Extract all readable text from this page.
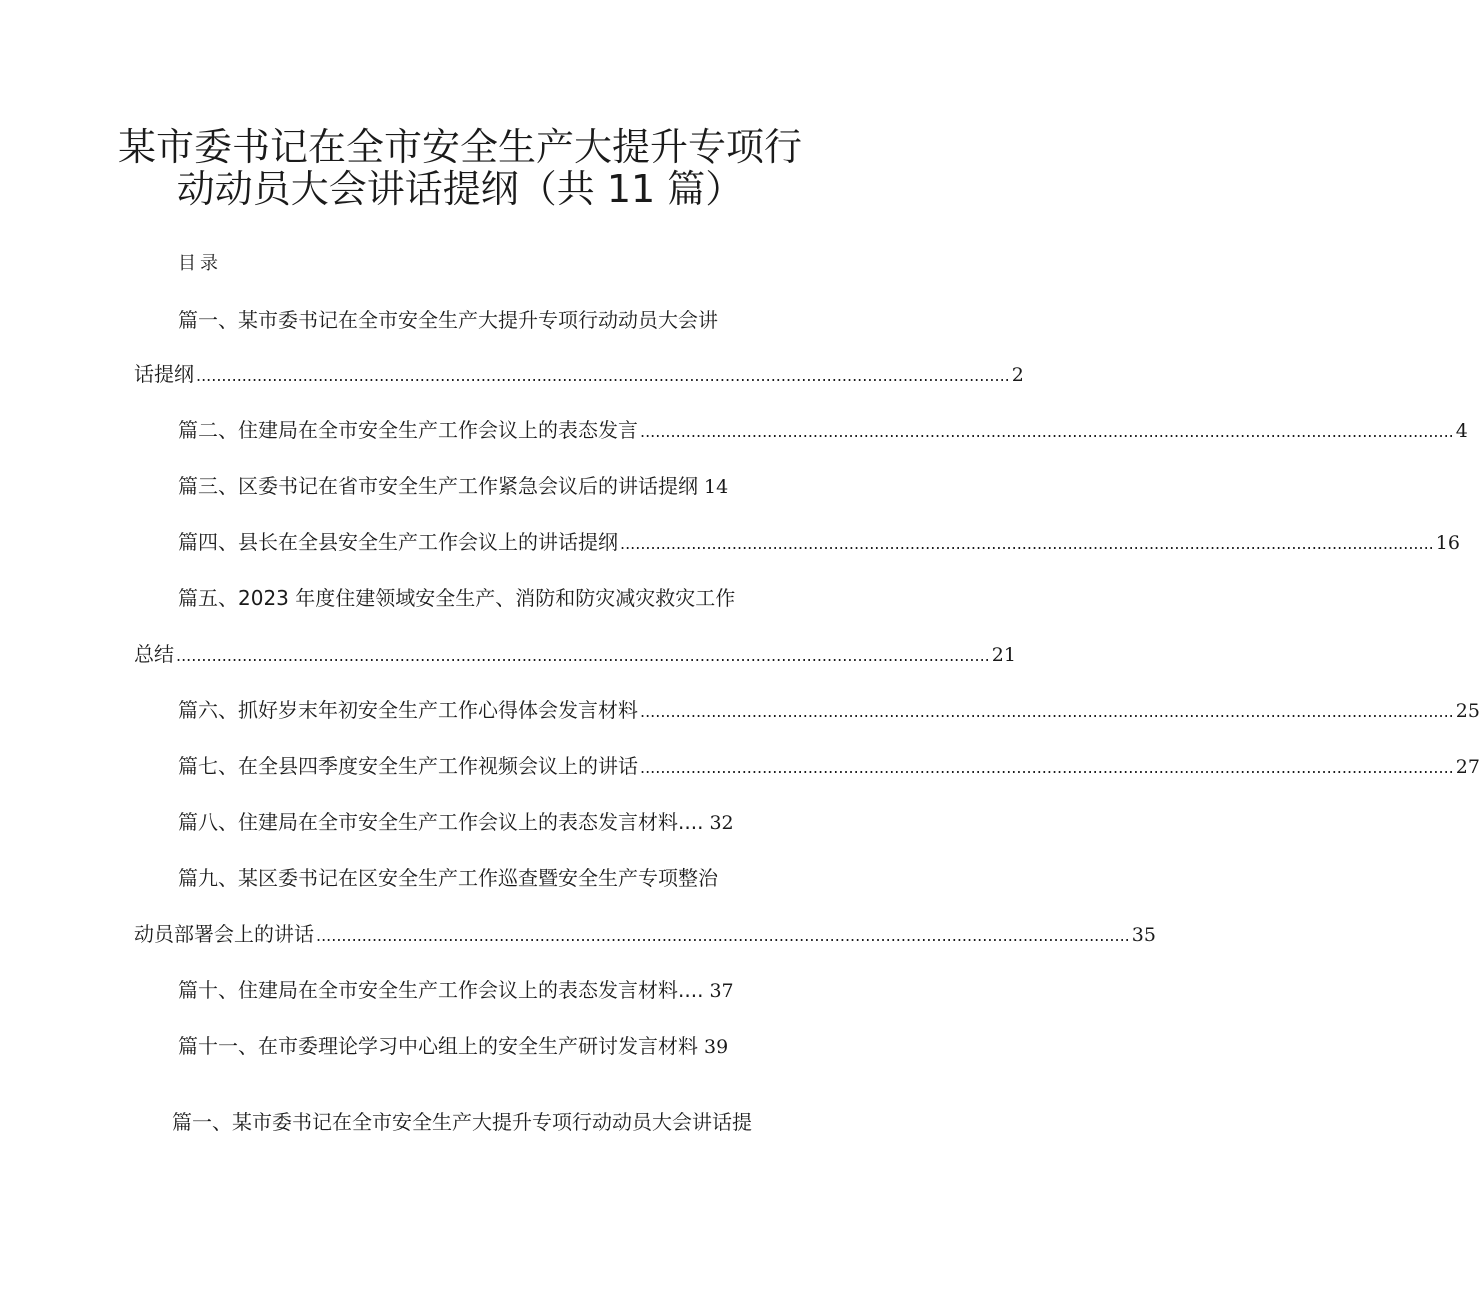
某市委书记在全市安全生产大提升专项行
动动员大会讲话提纲（共 11 篇）
目录
篇一、某市委书记在全市安全生产大提升专项行动动员大会讲
话提纲 ................................................................................................................................................................ 2
篇二、住建局在全市安全生产工作会议上的表态发言 ................................................................................................................................................................ 4
篇三、区委书记在省市安全生产工作紧急会议后的讲话提纲 14
篇四、县长在全县安全生产工作会议上的讲话提纲 ................................................................................................................................................................ 16
篇五、2023 年度住建领域安全生产、消防和防灾减灾救灾工作
总结 ................................................................................................................................................................ 21
篇六、抓好岁末年初安全生产工作心得体会发言材料 ................................................................................................................................................................ 25
篇七、在全县四季度安全生产工作视频会议上的讲话 ................................................................................................................................................................ 27
篇八、住建局在全市安全生产工作会议上的表态发言材料.... 32
篇九、某区委书记在区安全生产工作巡查暨安全生产专项整治
动员部署会上的讲话 ................................................................................................................................................................ 35
篇十、住建局在全市安全生产工作会议上的表态发言材料.... 37
篇十一、在市委理论学习中心组上的安全生产研讨发言材料 39
篇一、某市委书记在全市安全生产大提升专项行动动员大会讲话提
